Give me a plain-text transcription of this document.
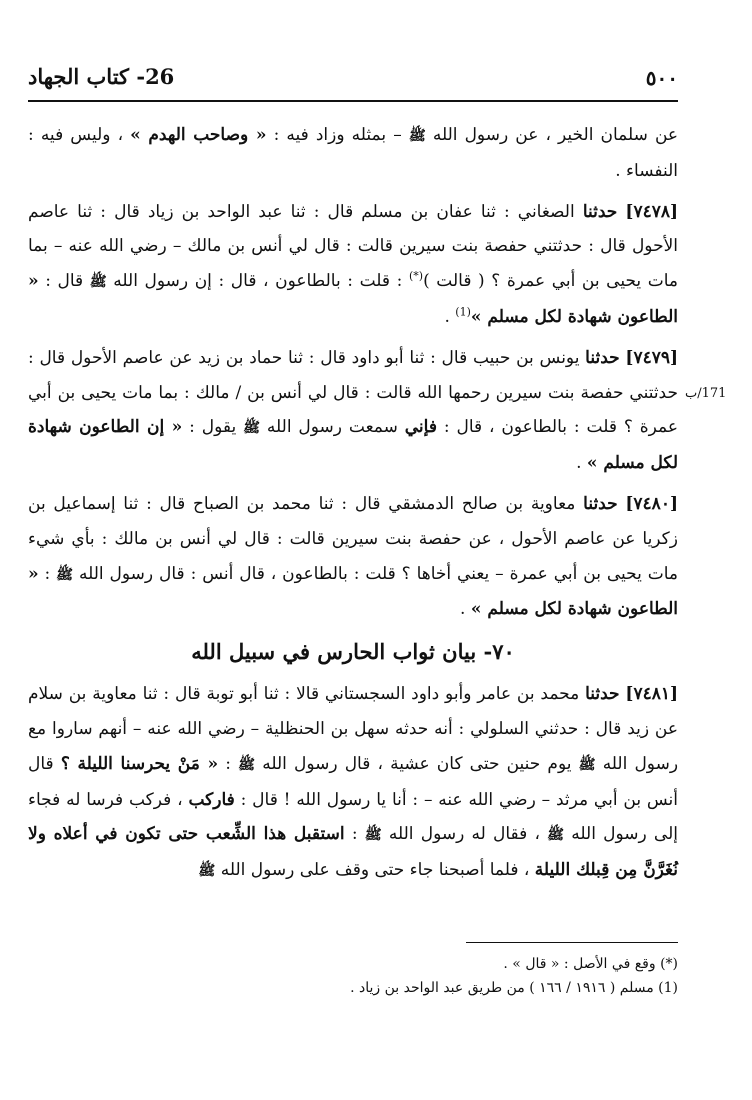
٥٠٠
26- كتاب الجهاد
171/ب

عن سلمان الخير ، عن رسول الله ﷺ – بمثله وزاد فيه : « وصاحب الهدم » ، وليس فيه : النفساء .

[٧٤٧٨] حدثنا الصغاني : ثنا عفان بن مسلم قال : ثنا عبد الواحد بن زياد قال : ثنا عاصم الأحول قال : حدثتني حفصة بنت سيرين قالت : قال لي أنس بن مالك – رضي الله عنه – بما مات يحيى بن أبي عمرة ؟ ( قالت )(*) : قلت : بالطاعون ، قال : إن رسول الله ﷺ قال : « الطاعون شهادة لكل مسلم »$^{(1)}$ .

[٧٤٧٩] حدثنا يونس بن حبيب قال : ثنا أبو داود قال : ثنا حماد بن زيد عن عاصم الأحول قال : حدثتني حفصة بنت سيرين رحمها الله قالت : قال لي أنس بن / مالك : بما مات يحيى بن أبي عمرة ؟ قلت : بالطاعون ، قال : فإني سمعت رسول الله ﷺ يقول : « إن الطاعون شهادة لكل مسلم » .

[٧٤٨٠] حدثنا معاوية بن صالح الدمشقي قال : ثنا محمد بن الصباح قال : ثنا إسماعيل بن زكريا عن عاصم الأحول ، عن حفصة بنت سيرين قالت : قال لي أنس بن مالك : بأي شيء مات يحيى بن أبي عمرة – يعني أخاها ؟ قلت : بالطاعون ، قال أنس : قال رسول الله ﷺ : « الطاعون شهادة لكل مسلم » .

٧٠- بيان ثواب الحارس في سبيل الله

[٧٤٨١] حدثنا محمد بن عامر وأبو داود السجستاني قالا : ثنا أبو توبة قال : ثنا معاوية بن سلام عن زيد قال : حدثني السلولي : أنه حدثه سهل بن الحنظلية – رضي الله عنه – أنهم ساروا مع رسول الله ﷺ يوم حنين حتى كان عشية ، قال رسول الله ﷺ : « مَنْ يحرسنا الليلة ؟ قال أنس بن أبي مرثد – رضي الله عنه – : أنا يا رسول الله ! قال : فاركب ، فركب فرسا له فجاء إلى رسول الله ﷺ ، فقال له رسول الله ﷺ : استقبل هذا الشِّعب حتى تكون في أعلاه ولا نُغَرَّنَّ مِن قِبلك الليلة ، فلما أصبحنا جاء حتى وقف على رسول الله ﷺ

(*) وقع في الأصل : « قال » .

(1) مسلم ( ١٩١٦ / ١٦٦ ) من طريق عبد الواحد بن زياد .
